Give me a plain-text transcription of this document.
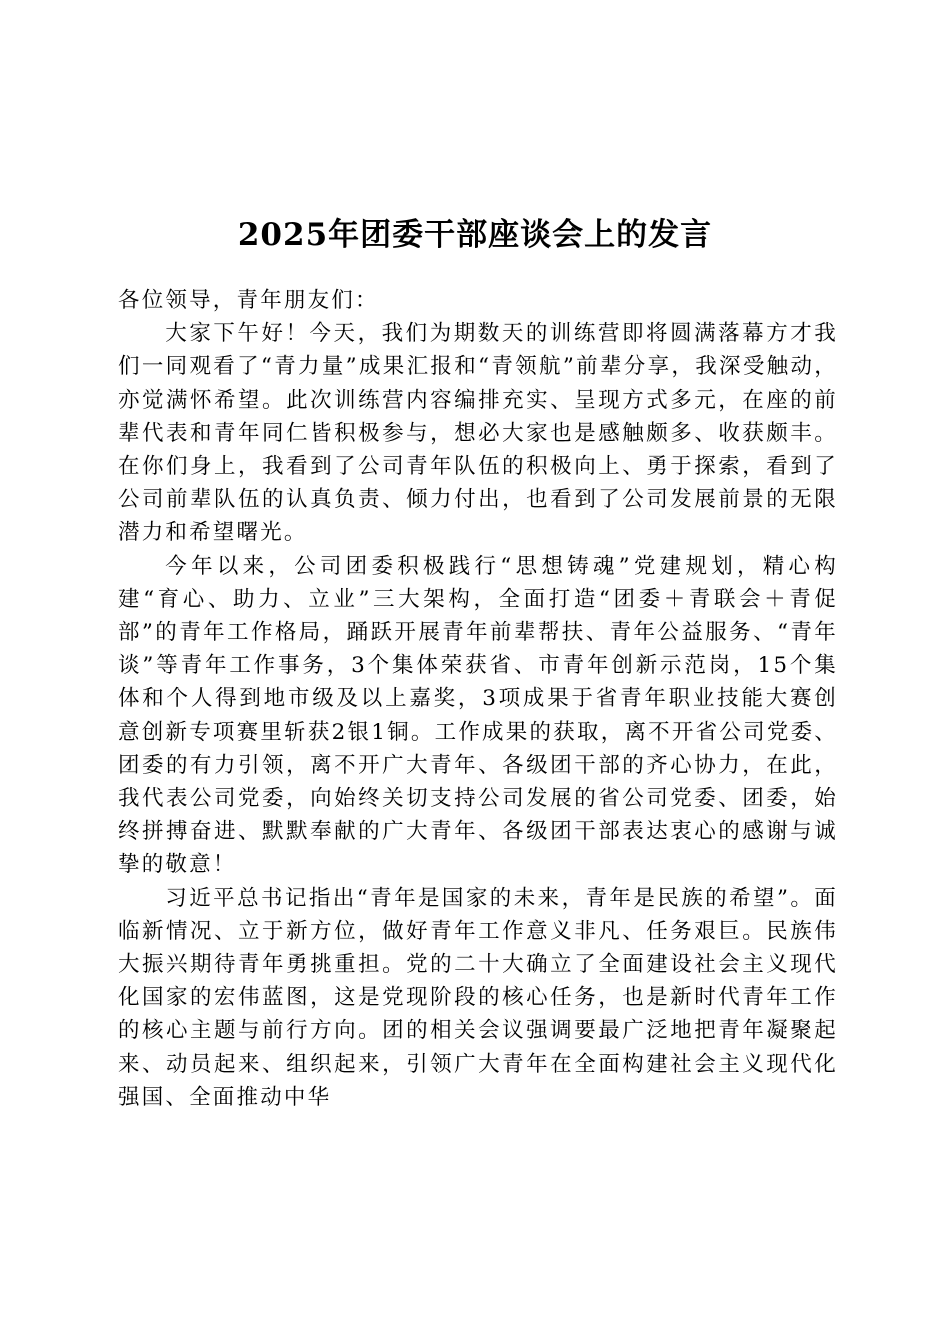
2025年团委干部座谈会上的发言

各位领导，青年朋友们：

大家下午好！今天，我们为期数天的训练营即将圆满落幕方才我们一同观看了“青力量”成果汇报和“青领航”前辈分享，我深受触动，亦觉满怀希望。此次训练营内容编排充实、呈现方式多元，在座的前辈代表和青年同仁皆积极参与，想必大家也是感触颇多、收获颇丰。在你们身上，我看到了公司青年队伍的积极向上、勇于探索，看到了公司前辈队伍的认真负责、倾力付出，也看到了公司发展前景的无限潜力和希望曙光。

今年以来，公司团委积极践行“思想铸魂”党建规划，精心构建“育心、助力、立业”三大架构，全面打造“团委＋青联会＋青促部”的青年工作格局，踊跃开展青年前辈帮扶、青年公益服务、“青年谈”等青年工作事务，3个集体荣获省、市青年创新示范岗，15个集体和个人得到地市级及以上嘉奖，3项成果于省青年职业技能大赛创意创新专项赛里斩获2银1铜。工作成果的获取，离不开省公司党委、团委的有力引领，离不开广大青年、各级团干部的齐心协力，在此，我代表公司党委，向始终关切支持公司发展的省公司党委、团委，始终拼搏奋进、默默奉献的广大青年、各级团干部表达衷心的感谢与诚挚的敬意！

习近平总书记指出“青年是国家的未来，青年是民族的希望”。面临新情况、立于新方位，做好青年工作意义非凡、任务艰巨。民族伟大振兴期待青年勇挑重担。党的二十大确立了全面建设社会主义现代化国家的宏伟蓝图，这是党现阶段的核心任务，也是新时代青年工作的核心主题与前行方向。团的相关会议强调要最广泛地把青年凝聚起来、动员起来、组织起来，引领广大青年在全面构建社会主义现代化强国、全面推动中华
